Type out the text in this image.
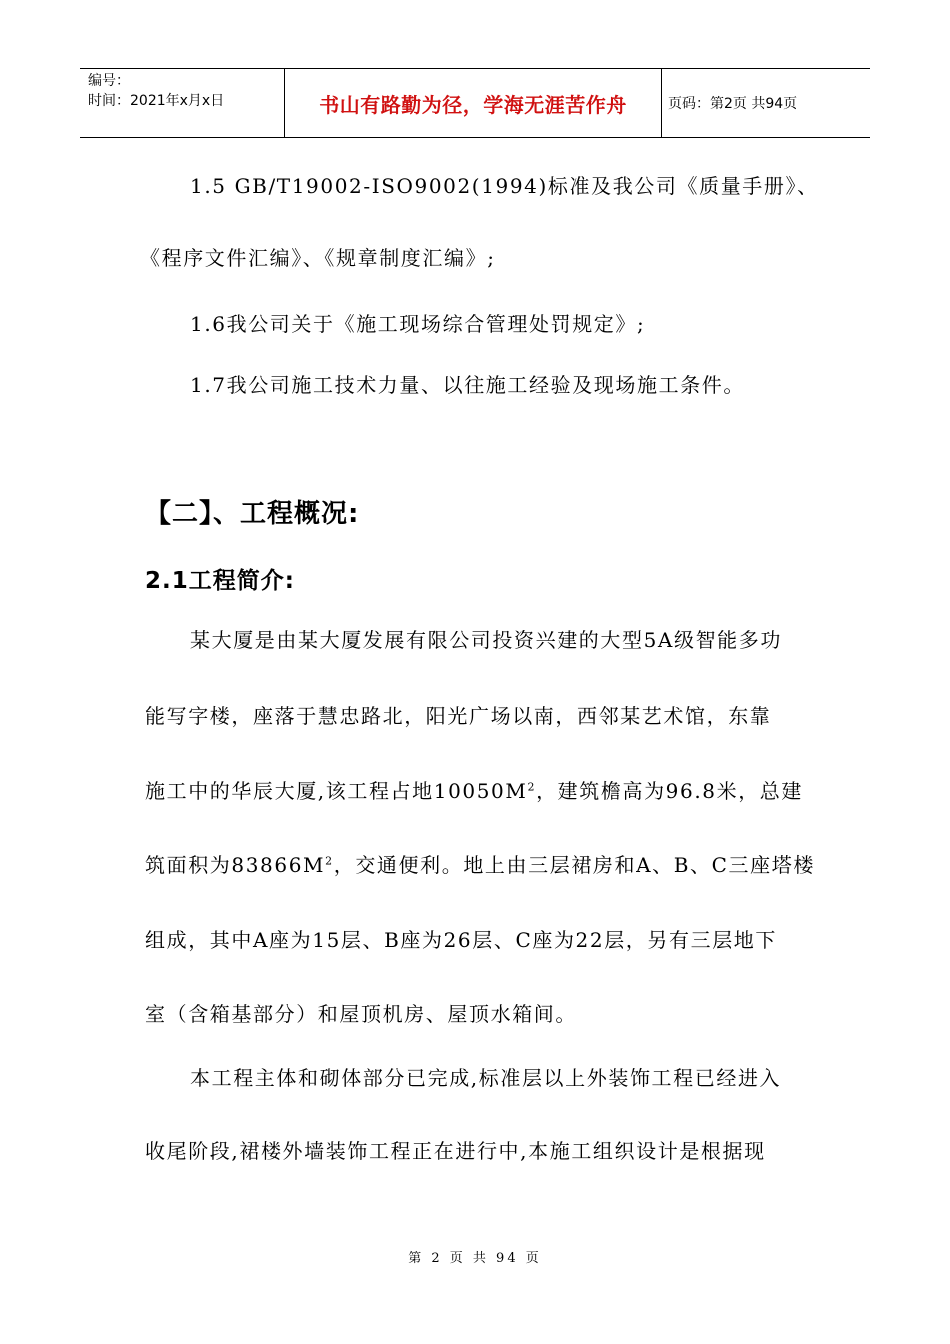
编号：
时间：2021年x月x日	书山有路勤为径，学海无涯苦作舟	页码：第2页 共94页
1.5 GB/T19002-ISO9002(1994)标准及我公司《质量手册》、
《程序文件汇编》、《规章制度汇编》;
1.6我公司关于《施工现场综合管理处罚规定》;
1.7我公司施工技术力量、以往施工经验及现场施工条件。
【二】、工程概况:
2.1工程简介:
某大厦是由某大厦发展有限公司投资兴建的大型5A级智能多功
能写字楼，座落于慧忠路北，阳光广场以南，西邻某艺术馆，东靠
施工中的华辰大厦,该工程占地$10050M^2$，建筑檐高为96.8米，总建
筑面积为$83866M^2$，交通便利。地上由三层裙房和A、B、C三座塔楼
组成，其中A座为15层、B座为26层、C座为22层，另有三层地下
室（含箱基部分）和屋顶机房、屋顶水箱间。
本工程主体和砌体部分已完成,标准层以上外装饰工程已经进入
收尾阶段,裙楼外墙装饰工程正在进行中,本施工组织设计是根据现
第 2 页 共 94 页
